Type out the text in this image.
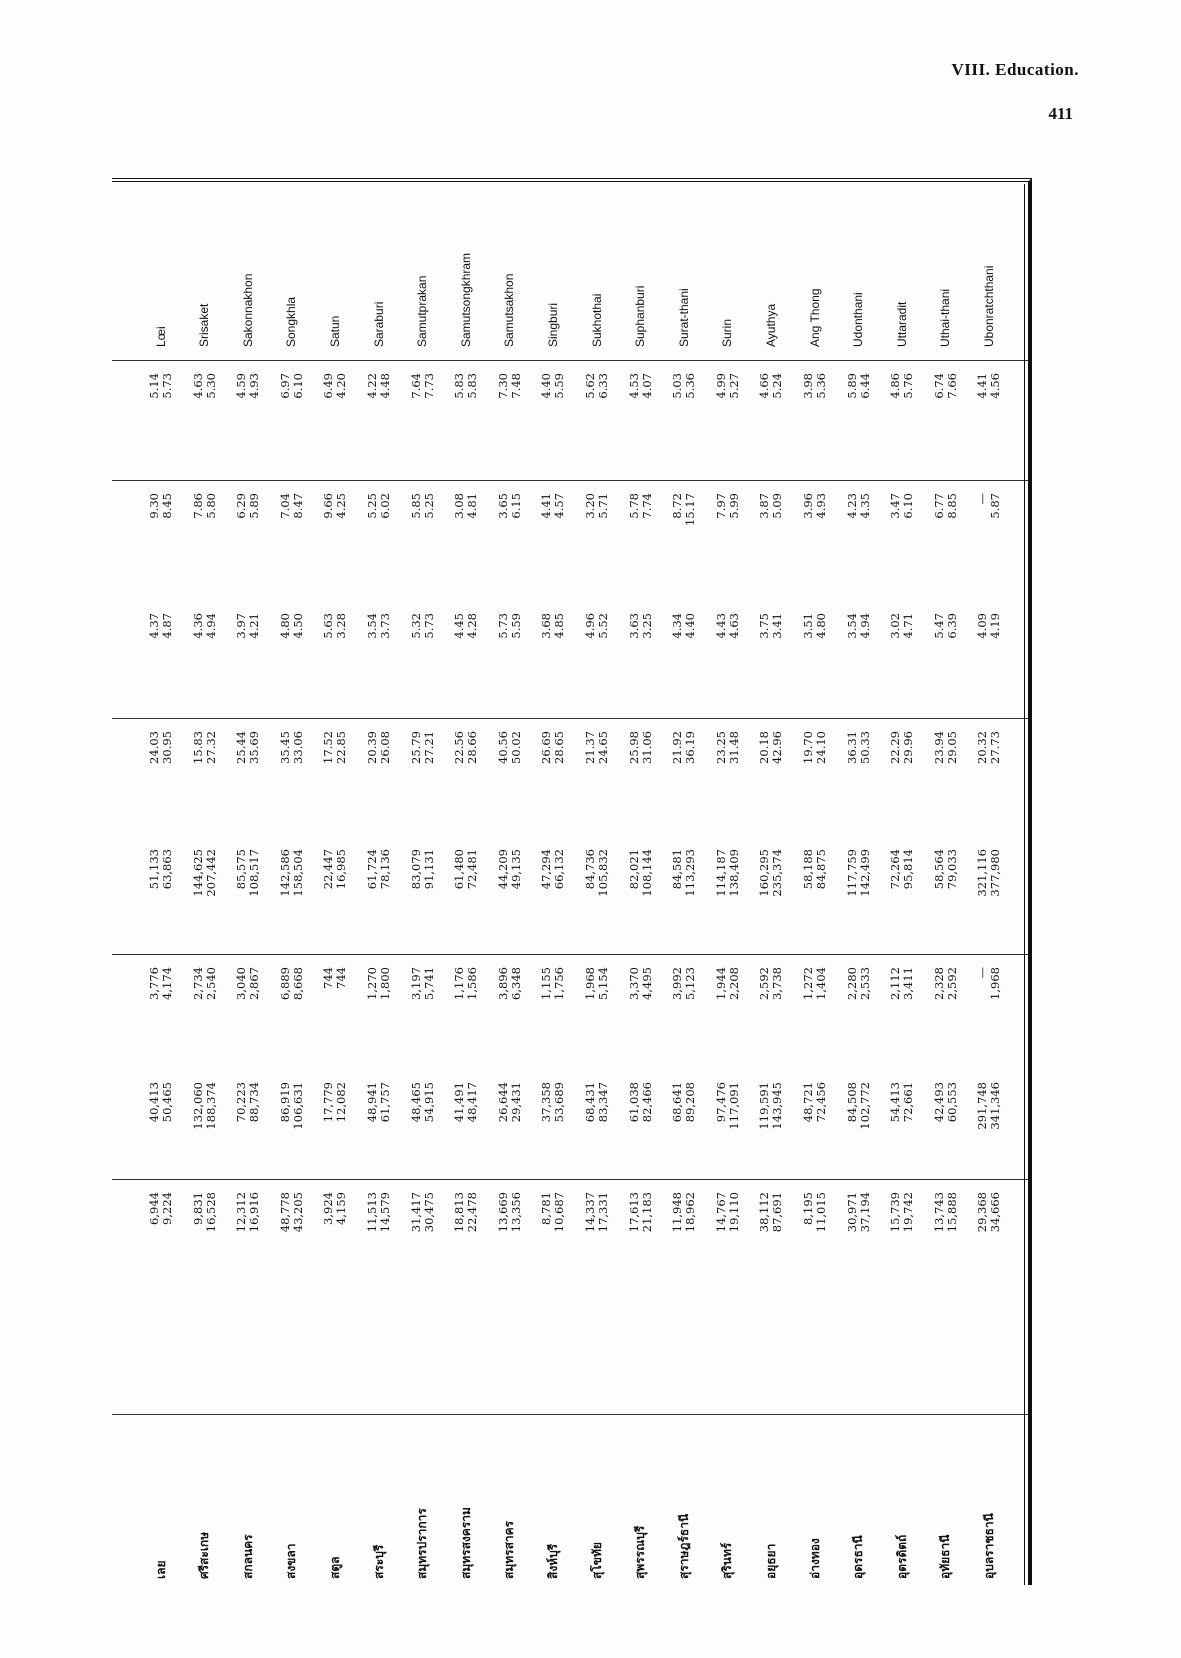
VIII. Education.
411
เลย
6,944 9,224
40,413 50,465
3,776 4,174
51,133 63,863
24.03 30.95
4.37 4.87
9.30 8.45
5.14 5.73
Lœi
ศรีสะเกษ
9,831 16,528
132,060 188,374
2,734 2,540
144,625 207,442
15.83 27.32
4.36 4.94
7.86 5.80
4.63 5.30
Srisaket
สกลนคร
12,312 16,916
70,223 88,734
3,040 2,867
85,575 108,517
25.44 35.69
3.97 4.21
6.29 5.89
4.59 4.93
Sakonnakhon
สงขลา
48,778 43,205
86,919 106,631
6,889 8,668
142,586 158,504
35.45 33.06
4.80 4.50
7.04 8.47
6.97 6.10
Songkhla
สตูล
3,924 4,159
17,779 12,082
744 744
22,447 16,985
17.52 22.85
5.63 3.28
9.66 4.25
6.49 4.20
Satun
สระบุรี
11,513 14,579
48,941 61,757
1,270 1,800
61,724 78,136
20.39 26.08
3.54 3.73
5.25 6.02
4.22 4.48
Saraburi
สมุทรปราการ
31,417 30,475
48,465 54,915
3,197 5,741
83,079 91,131
25.79 27.21
5.32 5.73
5.85 5.25
7.64 7.73
Samutprakan
สมุทรสงคราม
18,813 22,478
41,491 48,417
1,176 1,586
61,480 72,481
22.56 28.66
4.45 4.28
3.08 4.81
5.83 5.83
Samutsongkhram
สมุทรสาคร
13,669 13,356
26,644 29,431
3,896 6,348
44,209 49,135
40.56 50.02
5.73 5.59
3.65 6.15
7.30 7.48
Samutsakhon
สิงห์บุรี
8,781 10,687
37,358 53,689
1,155 1,756
47,294 66,132
26.69 28.65
3.68 4.85
4.41 4.57
4.40 5.59
Singburi
สุโขทัย
14,337 17,331
68,431 83,347
1,968 5,154
84,736 105,832
21.37 24.65
4.96 5.52
3.20 5.71
5.62 6.33
Sukhothai
สุพรรณบุรี
17,613 21,183
61,038 82,466
3,370 4,495
82,021 108,144
25.98 31.06
3.63 3.25
5.78 7.74
4.53 4.07
Suphanburi
สุราษฎร์ธานี
11,948 18,962
68,641 89,208
3,992 5,123
84,581 113,293
21.92 36.19
4.34 4.40
8.72 15.17
5.03 5.36
Surat-thani
สุรินทร์
14,767 19,110
97,476 117,091
1,944 2,208
114,187 138,409
23.25 31.48
4.43 4.63
7.97 5.99
4.99 5.27
Surin
อยุธยา
38,112 87,691
119,591 143,945
2,592 3,738
160,295 235,374
20.18 42.96
3.75 3.41
3.87 5.09
4.66 5.24
Ayuthya
อ่างทอง
8,195 11,015
48,721 72,456
1,272 1,404
58,188 84,875
19.70 24.10
3.51 4.80
3.96 4.93
3.98 5.36
Ang Thong
อุดรธานี
30,971 37,194
84,508 102,772
2,280 2,533
117,759 142,499
36.31 50.33
3.54 4.94
4.23 4.35
5.89 6.44
Udonthani
อุตรดิตถ์
15,739 19,742
54,413 72,661
2,112 3,411
72,264 95,814
22.29 29.96
3.02 4.71
3.47 6.10
4.86 5.76
Uttaradit
อุทัยธานี
13,743 15,888
42,493 60,553
2,328 2,592
58,564 79,033
23.94 29.05
5.47 6.39
6.77 8.85
6.74 7.66
Uthai-thani
อุบลราชธานี
29,368 34,666
291,748 341,346
— 1,968
321,116 377,980
20.32 27.73
4.09 4.19
— 5.87
4.41 4.56
Ubonratchthani
